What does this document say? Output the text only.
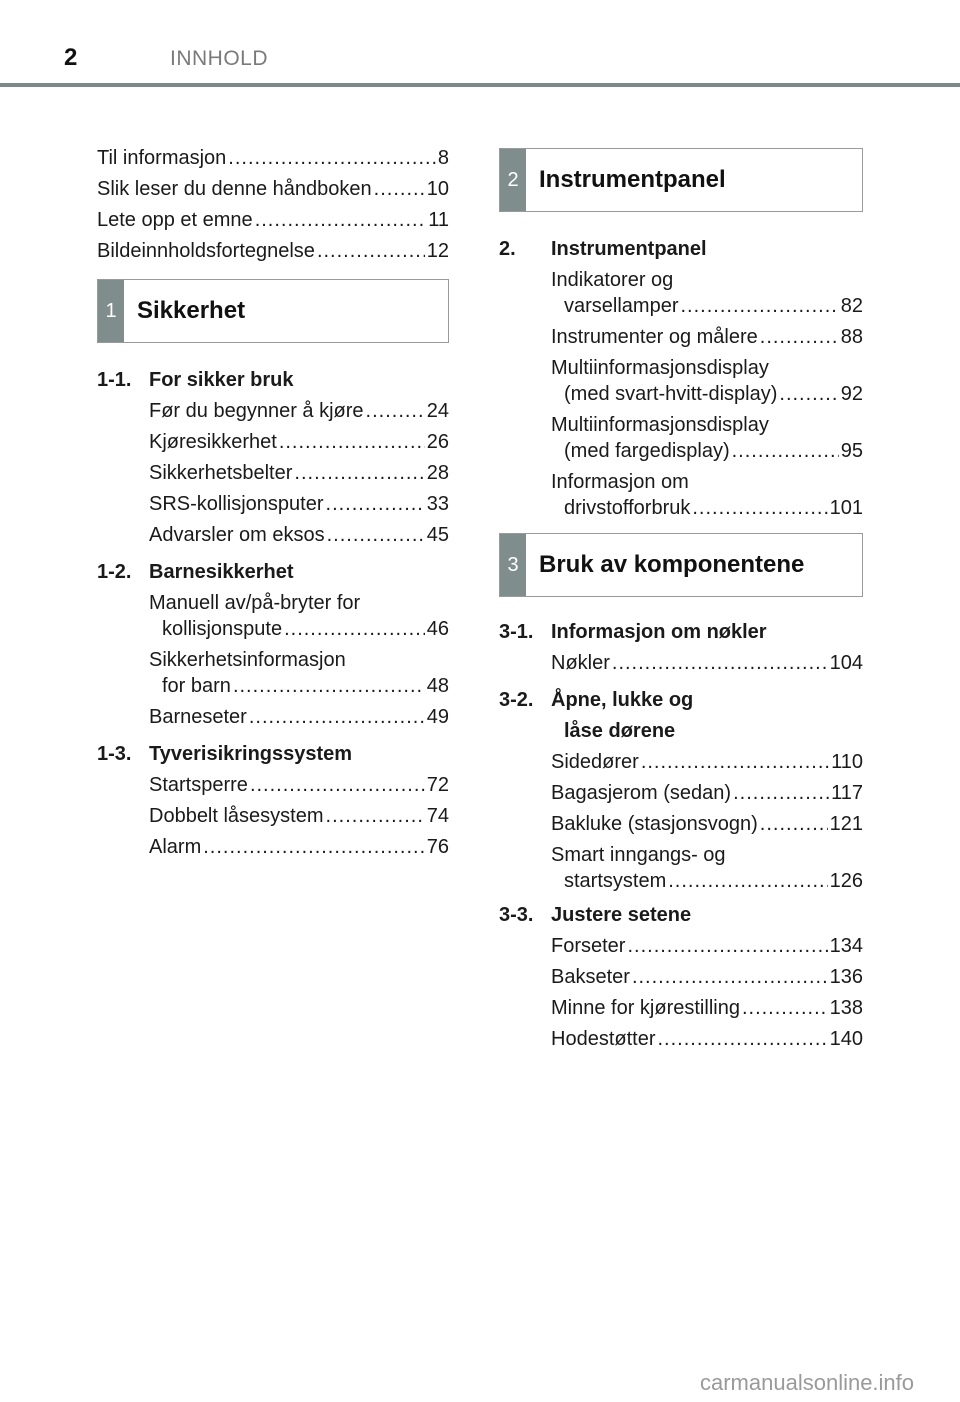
2	INNHOLD
Til informasjon .....	8
Slik leser du denne håndboken .....	10
Lete opp et emne .....	11
Bildeinnholdsfortegnelse .....	12
1 Sikkerhet
1-1. For sikker bruk
Før du begynner å kjøre .....	24
Kjøresikkerhet .....	26
Sikkerhetsbelter .....	28
SRS-kollisjonsputer .....	33
Advarsler om eksos .....	45
1-2. Barnesikkerhet
Manuell av/på-bryter for
kollisjonspute .....	46
Sikkerhetsinformasjon
for barn .....	48
Barneseter .....	49
1-3. Tyverisikringssystem
Startsperre .....	72
Dobbelt låsesystem .....	74
Alarm .....	76
2 Instrumentpanel
2.	Instrumentpanel
Indikatorer og
varsellamper .....	82
Instrumenter og målere .....	88
Multiinformasjonsdisplay
(med svart-hvitt-display) .....	92
Multiinformasjonsdisplay
(med fargedisplay) .....	95
Informasjon om
drivstofforbruk .....	101
3 Bruk av komponentene
3-1. Informasjon om nøkler
Nøkler .....	104
3-2. Åpne, lukke og
låse dørene
Sidedører .....	110
Bagasjerom (sedan) .....	117
Bakluke (stasjonsvogn) .....	121
Smart inngangs- og
startsystem .....	126
3-3. Justere setene
Forseter .....	134
Bakseter .....	136
Minne for kjørestilling .....	138
Hodestøtter .....	140
carmanualsonline.info
